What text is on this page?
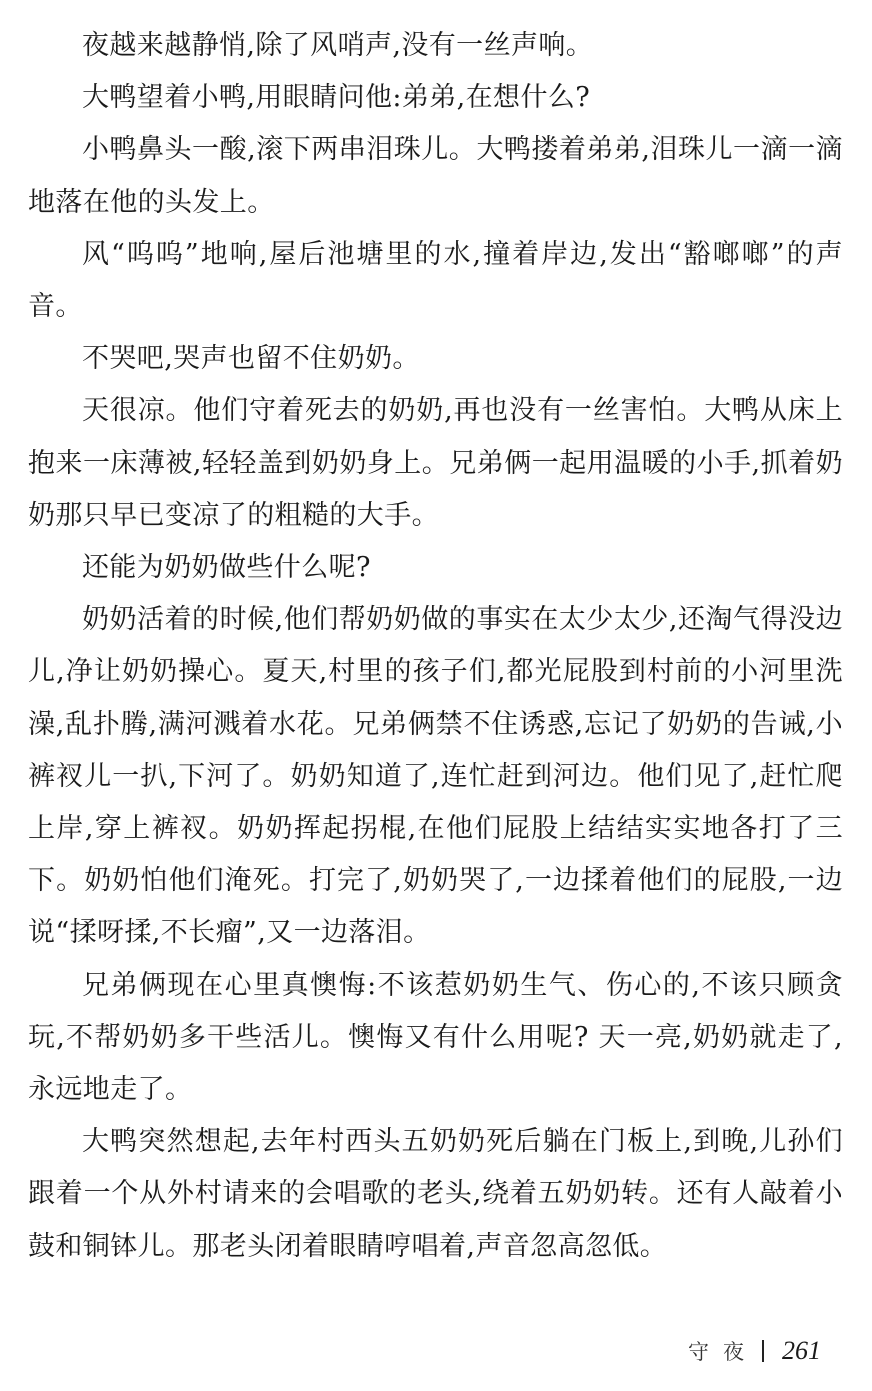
夜越来越静悄,除了风哨声,没有一丝声响。

大鸭望着小鸭,用眼睛问他:弟弟,在想什么?

小鸭鼻头一酸,滚下两串泪珠儿。大鸭搂着弟弟,泪珠儿一滴一滴地落在他的头发上。

风“呜呜”地响,屋后池塘里的水,撞着岸边,发出“豁啷啷”的声音。

不哭吧,哭声也留不住奶奶。

天很凉。他们守着死去的奶奶,再也没有一丝害怕。大鸭从床上抱来一床薄被,轻轻盖到奶奶身上。兄弟俩一起用温暖的小手,抓着奶奶那只早已变凉了的粗糙的大手。

还能为奶奶做些什么呢?

奶奶活着的时候,他们帮奶奶做的事实在太少太少,还淘气得没边儿,净让奶奶操心。夏天,村里的孩子们,都光屁股到村前的小河里洗澡,乱扑腾,满河溅着水花。兄弟俩禁不住诱惑,忘记了奶奶的告诫,小裤衩儿一扒,下河了。奶奶知道了,连忙赶到河边。他们见了,赶忙爬上岸,穿上裤衩。奶奶挥起拐棍,在他们屁股上结结实实地各打了三下。奶奶怕他们淹死。打完了,奶奶哭了,一边揉着他们的屁股,一边说“揉呀揉,不长瘤”,又一边落泪。

兄弟俩现在心里真懊悔:不该惹奶奶生气、伤心的,不该只顾贪玩,不帮奶奶多干些活儿。懊悔又有什么用呢? 天一亮,奶奶就走了,永远地走了。

大鸭突然想起,去年村西头五奶奶死后躺在门板上,到晚,儿孙们跟着一个从外村请来的会唱歌的老头,绕着五奶奶转。还有人敲着小鼓和铜钵儿。那老头闭着眼睛哼唱着,声音忽高忽低。

守夜 261
